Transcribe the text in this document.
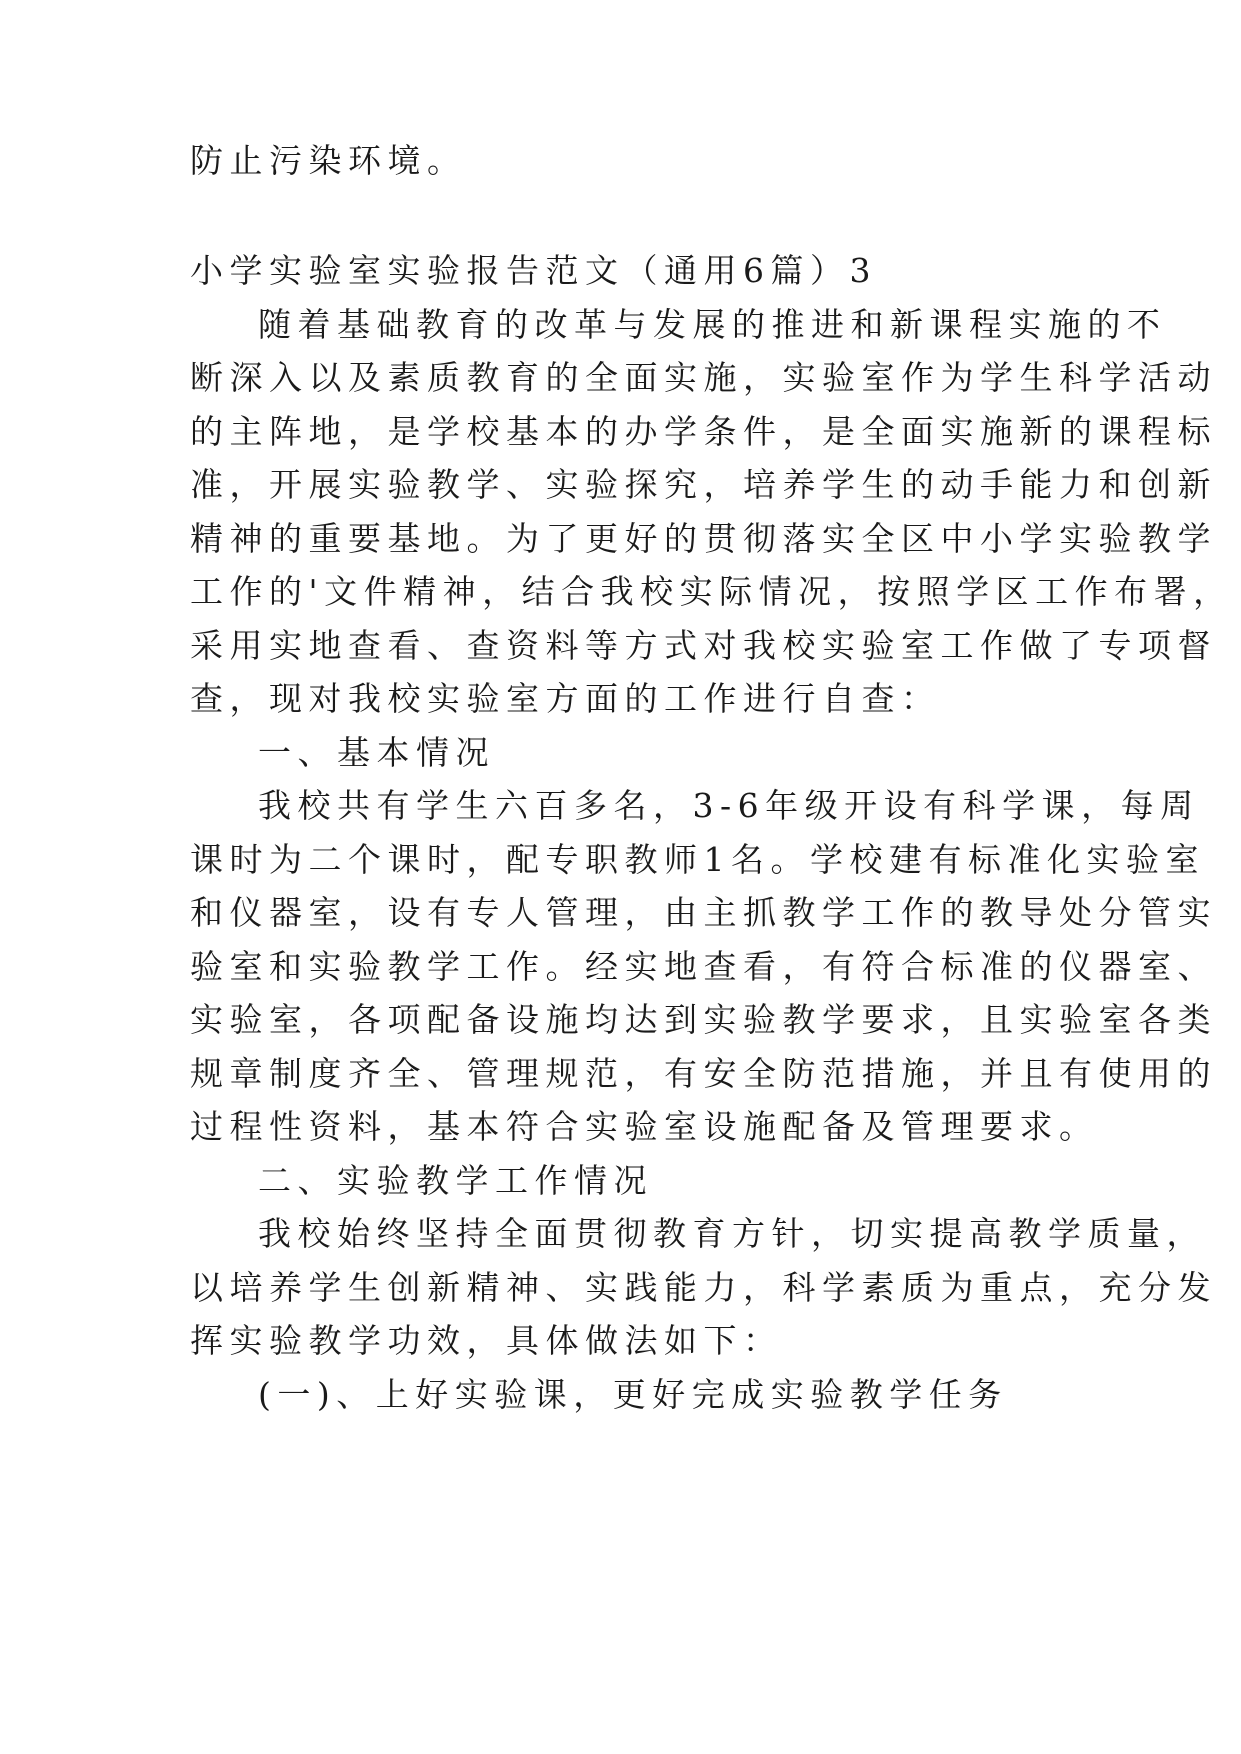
防止污染环境。
小学实验室实验报告范文（通用6篇）3
随着基础教育的改革与发展的推进和新课程实施的不
断深入以及素质教育的全面实施，实验室作为学生科学活动
的主阵地，是学校基本的办学条件，是全面实施新的课程标
准，开展实验教学、实验探究，培养学生的动手能力和创新
精神的重要基地。为了更好的贯彻落实全区中小学实验教学
工作的'文件精神，结合我校实际情况，按照学区工作布署，
采用实地查看、查资料等方式对我校实验室工作做了专项督
查，现对我校实验室方面的工作进行自查：
一、基本情况
我校共有学生六百多名，3-6年级开设有科学课，每周
课时为二个课时，配专职教师1名。学校建有标准化实验室
和仪器室，设有专人管理，由主抓教学工作的教导处分管实
验室和实验教学工作。经实地查看，有符合标准的仪器室、
实验室，各项配备设施均达到实验教学要求，且实验室各类
规章制度齐全、管理规范，有安全防范措施，并且有使用的
过程性资料，基本符合实验室设施配备及管理要求。
二、实验教学工作情况
我校始终坚持全面贯彻教育方针，切实提高教学质量，
以培养学生创新精神、实践能力，科学素质为重点，充分发
挥实验教学功效，具体做法如下：
(一)、上好实验课，更好完成实验教学任务
